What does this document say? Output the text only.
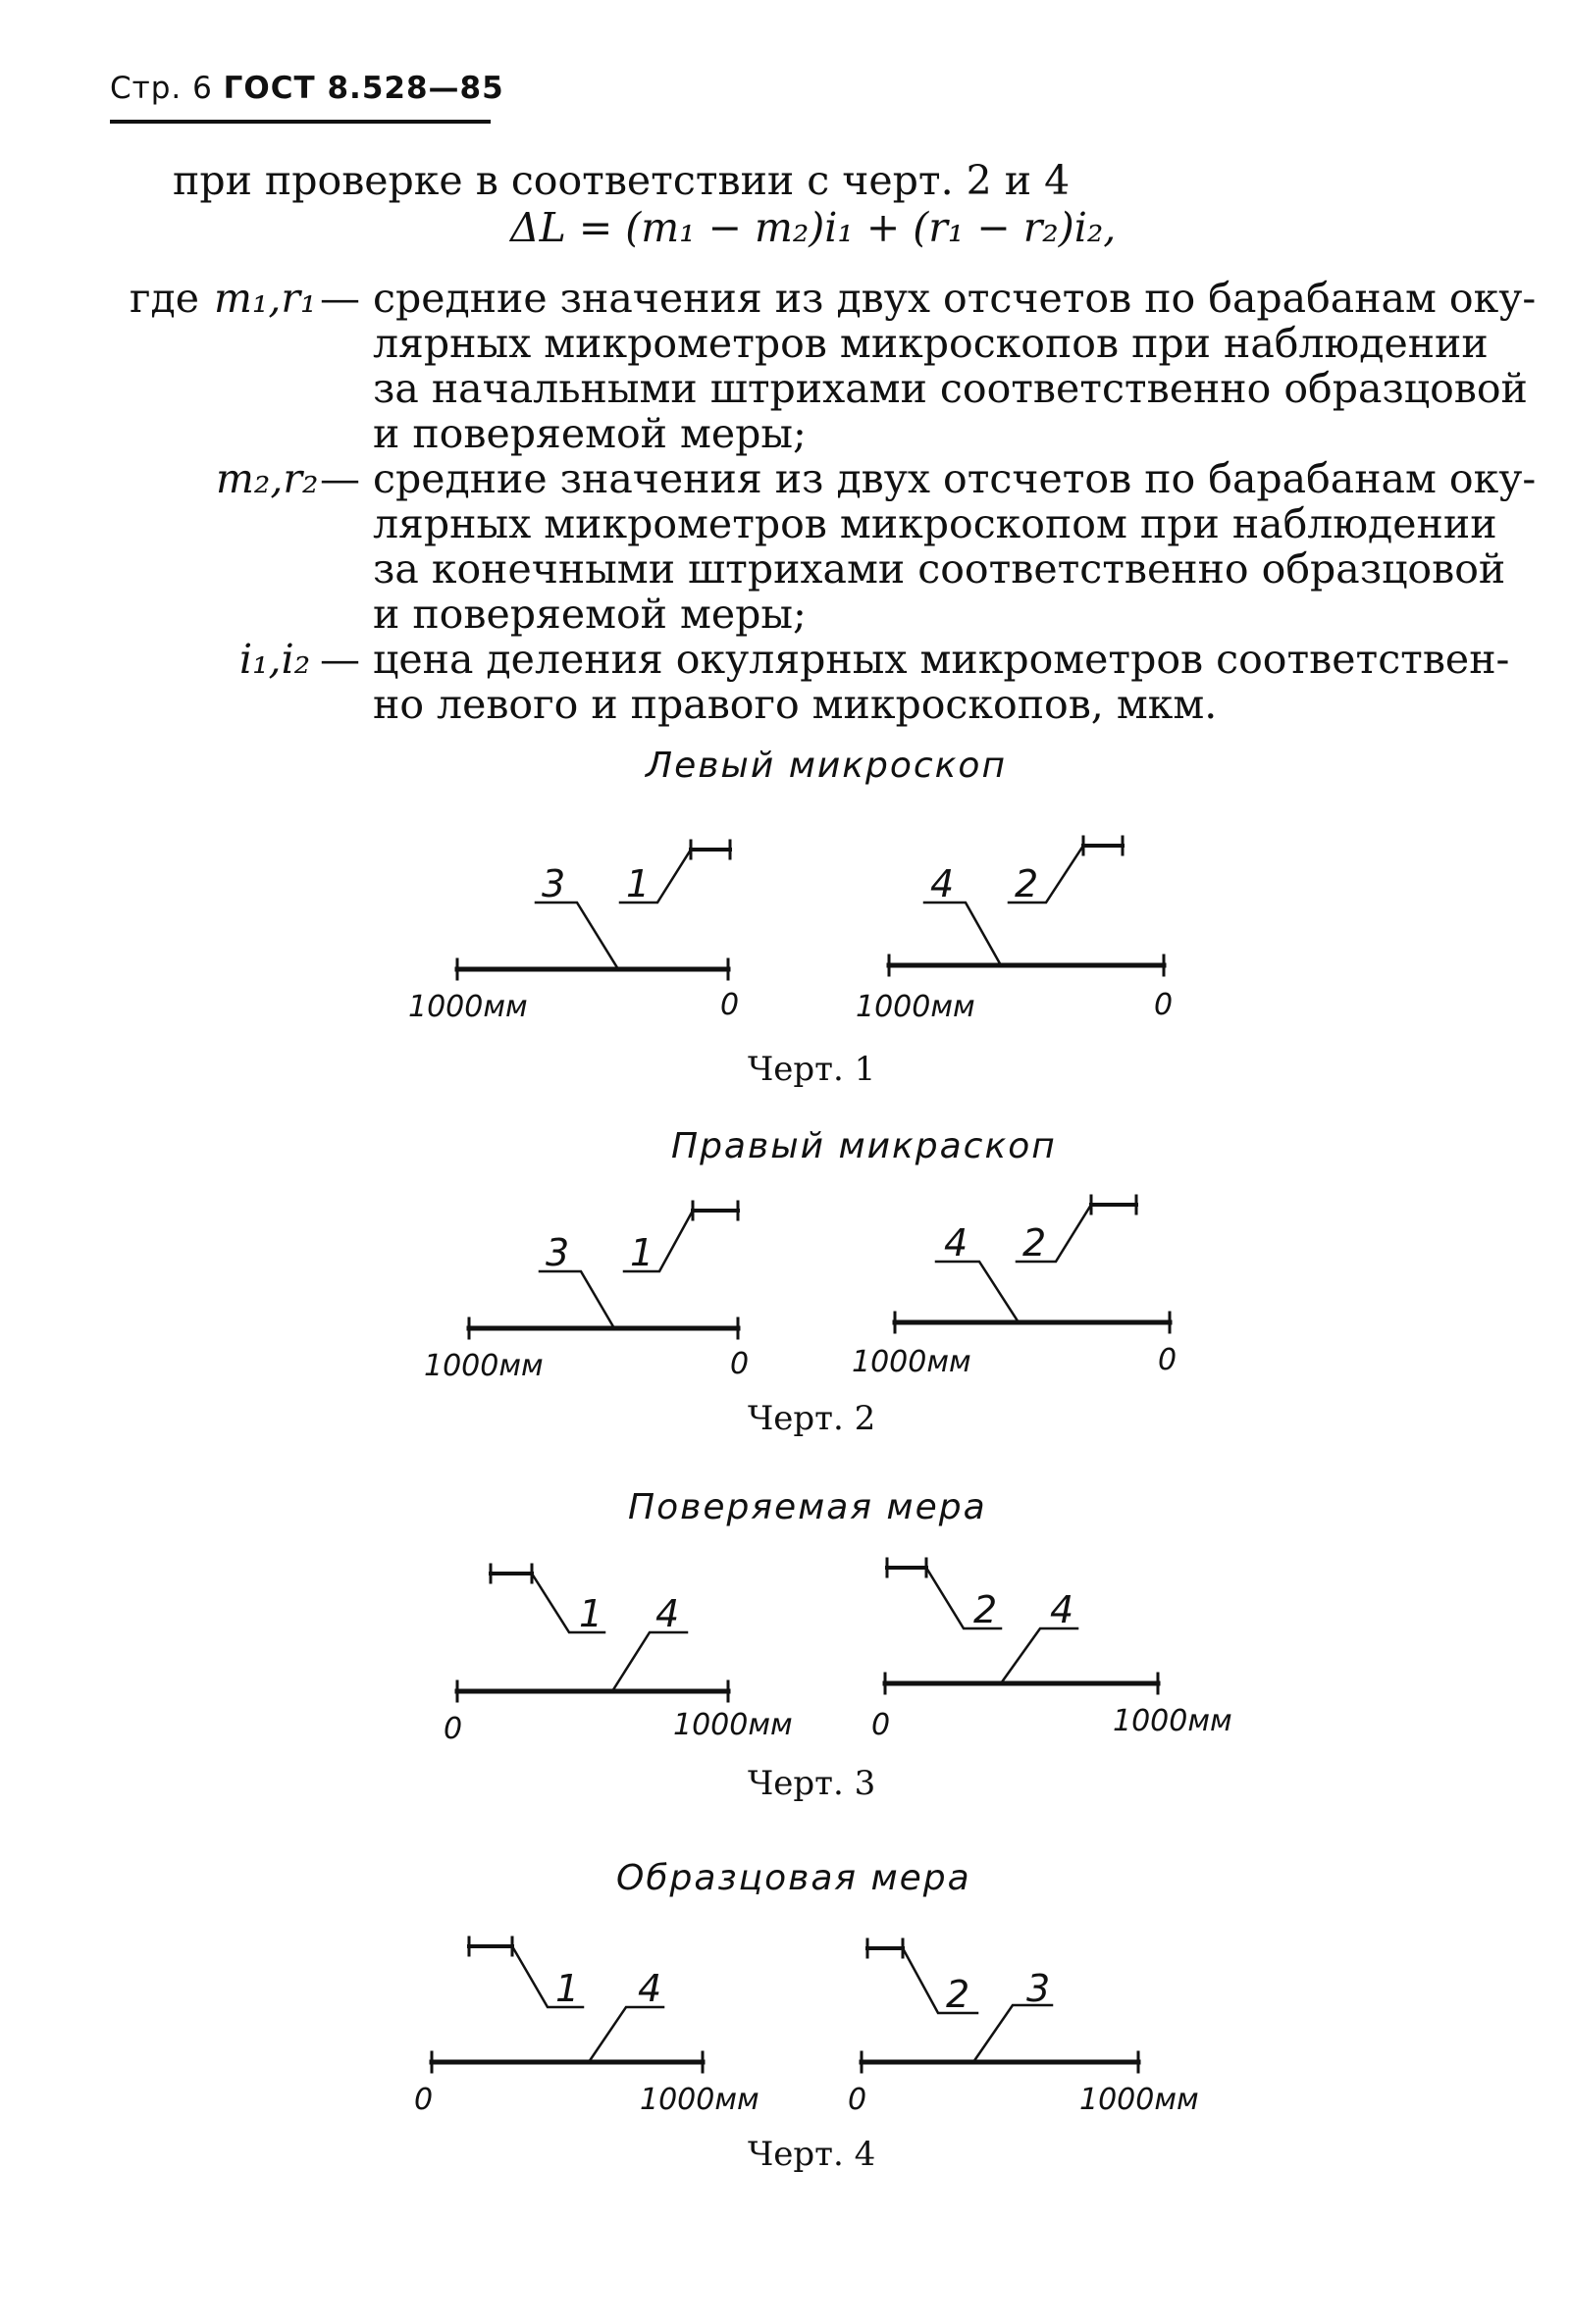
Стр. 6 ГОСТ 8.528—85
при проверке в соответствии с черт. 2 и 4
ΔL = (m₁ − m₂)i₁ + (r₁ − r₂)i₂,
где m₁,r₁ — средние значения из двух отсчетов по барабанам оку-
лярных микрометров микроскопов при наблюдении
за начальными штрихами соответственно образцовой
и поверяемой меры;
m₂,r₂ — средние значения из двух отсчетов по барабанам оку-
лярных микрометров микроскопом при наблюдении
за конечными штрихами соответственно образцовой
и поверяемой меры;
i₁,i₂ — цена деления окулярных микрометров соответствен-
но левого и правого микроскопов, мкм.
Левый микроскоп
Черт. 1
Правый микраскоп
Черт. 2
Поверяемая мера
Черт. 3
Образцовая мера
Черт. 4
1000мм	0
3 1
1000мм	0
4 2
1000мм	0
3 1
1000мм	0
4 2
0	1000мм
1 4
0	1000мм
2 4
0	1000мм
1 4
0	1000мм
2 3
